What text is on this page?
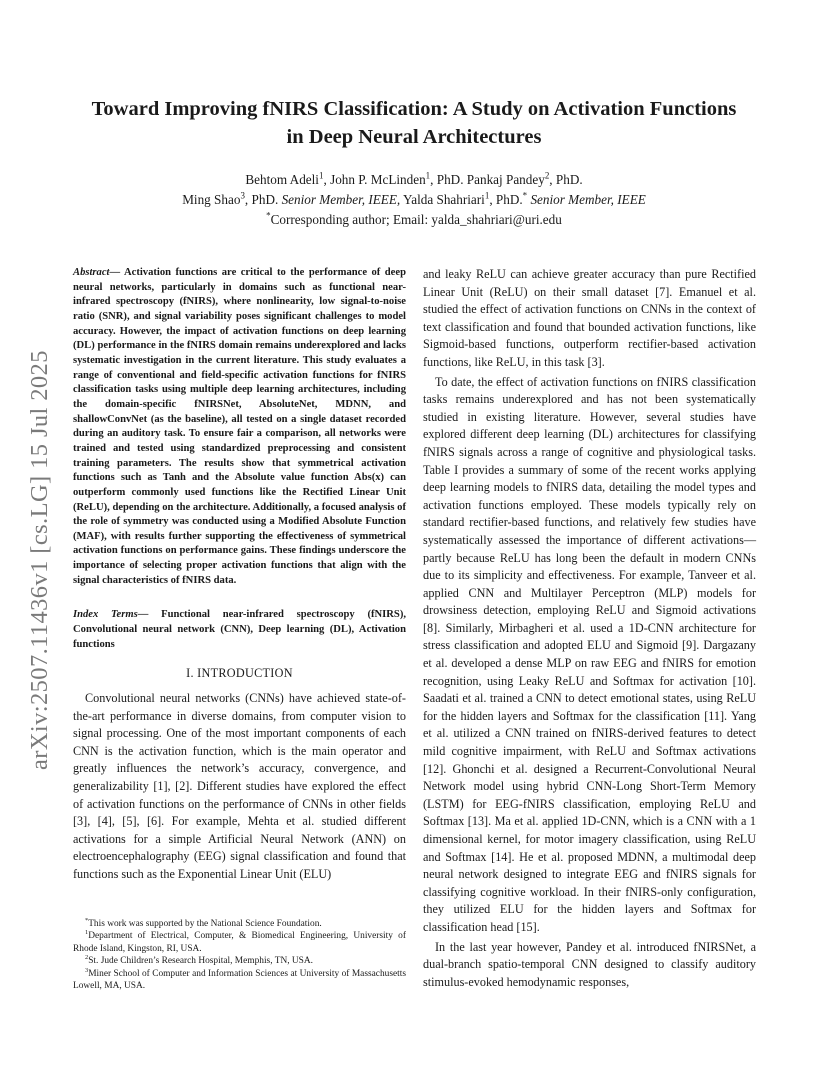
arXiv:2507.11436v1 [cs.LG] 15 Jul 2025
Toward Improving fNIRS Classification: A Study on Activation Functions in Deep Neural Architectures
Behtom Adeli$^1$, John P. McLinden$^1$, PhD. Pankaj Pandey$^2$, PhD.
Ming Shao$^3$, PhD. Senior Member, IEEE, Yalda Shahriari$^1$, PhD.* Senior Member, IEEE
*Corresponding author; Email: yalda_shahriari@uri.edu

Abstract— Activation functions are critical to the performance of deep neural networks, particularly in domains such as functional near-infrared spectroscopy (fNIRS), where nonlinearity, low signal-to-noise ratio (SNR), and signal variability poses significant challenges to model accuracy. However, the impact of activation functions on deep learning (DL) performance in the fNIRS domain remains underexplored and lacks systematic investigation in the current literature. This study evaluates a range of conventional and field-specific activation functions for fNIRS classification tasks using multiple deep learning architectures, including the domain-specific fNIRSNet, AbsoluteNet, MDNN, and shallowConvNet (as the baseline), all tested on a single dataset recorded during an auditory task. To ensure fair a comparison, all networks were trained and tested using standardized preprocessing and consistent training parameters. The results show that symmetrical activation functions such as Tanh and the Absolute value function Abs(x) can outperform commonly used functions like the Rectified Linear Unit (ReLU), depending on the architecture. Additionally, a focused analysis of the role of symmetry was conducted using a Modified Absolute Function (MAF), with results further supporting the effectiveness of symmetrical activation functions on performance gains. These findings underscore the importance of selecting proper activation functions that align with the signal characteristics of fNIRS data.

Index Terms— Functional near-infrared spectroscopy (fNIRS), Convolutional neural network (CNN), Deep learning (DL), Activation functions

I. INTRODUCTION

Convolutional neural networks (CNNs) have achieved state-of-the-art performance in diverse domains, from computer vision to signal processing. One of the most important components of each CNN is the activation function, which is the main operator and greatly influences the network’s accuracy, convergence, and generalizability [1], [2]. Different studies have explored the effect of activation functions on the performance of CNNs in other fields [3], [4], [5], [6]. For example, Mehta et al. studied different activations for a simple Artificial Neural Network (ANN) on electroencephalography (EEG) signal classification and found that functions such as the Exponential Linear Unit (ELU)

and leaky ReLU can achieve greater accuracy than pure Rectified Linear Unit (ReLU) on their small dataset [7]. Emanuel et al. studied the effect of activation functions on CNNs in the context of text classification and found that bounded activation functions, like Sigmoid-based functions, outperform rectifier-based activation functions, like ReLU, in this task [3].

To date, the effect of activation functions on fNIRS classification tasks remains underexplored and has not been systematically studied in existing literature. However, several studies have explored different deep learning (DL) architectures for classifying fNIRS signals across a range of cognitive and physiological tasks. Table I provides a summary of some of the recent works applying deep learning models to fNIRS data, detailing the model types and activation functions employed. These models typically rely on standard rectifier-based functions, and relatively few studies have systematically assessed the importance of different activations— partly because ReLU has long been the default in modern CNNs due to its simplicity and effectiveness. For example, Tanveer et al. applied CNN and Multilayer Perceptron (MLP) models for drowsiness detection, employing ReLU and Sigmoid activations [8]. Similarly, Mirbagheri et al. used a 1D-CNN architecture for stress classification and adopted ELU and Sigmoid [9]. Dargazany et al. developed a dense MLP on raw EEG and fNIRS for emotion recognition, using Leaky ReLU and Softmax for activation [10]. Saadati et al. trained a CNN to detect emotional states, using ReLU for the hidden layers and Softmax for the classification [11]. Yang et al. utilized a CNN trained on fNIRS-derived features to detect mild cognitive impairment, with ReLU and Softmax activations [12]. Ghonchi et al. designed a Recurrent-Convolutional Neural Network model using hybrid CNN-Long Short-Term Memory (LSTM) for EEG-fNIRS classification, employing ReLU and Softmax [13]. Ma et al. applied 1D-CNN, which is a CNN with a 1 dimensional kernel, for motor imagery classification, using ReLU and Softmax [14]. He et al. proposed MDNN, a multimodal deep neural network designed to integrate EEG and fNIRS signals for classifying cognitive workload. In their fNIRS-only configuration, they utilized ELU for the hidden layers and Softmax for classification head [15].

In the last year however, Pandey et al. introduced fNIRSNet, a dual-branch spatio-temporal CNN designed to classify auditory stimulus-evoked hemodynamic responses,

*This work was supported by the National Science Foundation.

$^1$Department of Electrical, Computer, & Biomedical Engineering, University of Rhode Island, Kingston, RI, USA.

$^2$St. Jude Children’s Research Hospital, Memphis, TN, USA.

$^3$Miner School of Computer and Information Sciences at University of Massachusetts Lowell, MA, USA.
